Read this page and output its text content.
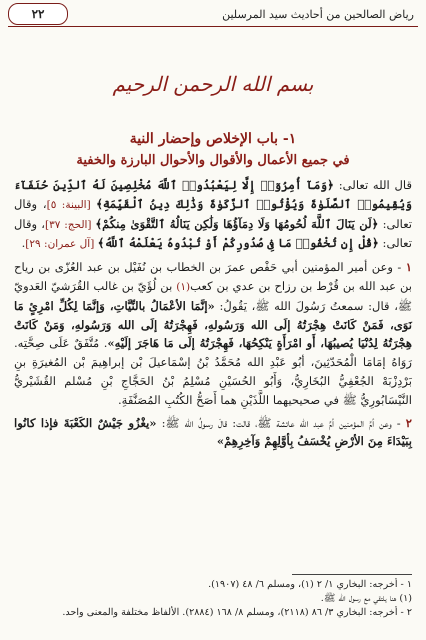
رياض الصالحين من أحاديث سيد المرسلين
٢٢
بسم الله الرحمن الرحيم
١- باب الإخلاص وإحضار النية
في جميع الأعمال والأقوال والأحوال البارزة والخفية

قال الله تعالى: ﴿وَمَآ أُمِرُوٓا۟ إِلَّا لِيَعْبُدُوا۟ ٱللَّهَ مُخْلِصِينَ لَهُ ٱلدِّينَ حُنَفَآءَ وَيُقِيمُوا۟ ٱلصَّلَوٰةَ وَيُؤْتُوا۟ ٱلزَّكَوٰةَ وَذَٰلِكَ دِينُ ٱلْقَيِّمَةِ﴾ [البينة: ٥]، وقال تعالى: ﴿لَن يَنَالَ ٱللَّهَ لُحُومُهَا وَلَا دِمَآؤُهَا وَلَٰكِن يَنَالُهُ ٱلتَّقْوَىٰ مِنكُمْ﴾ [الحج: ٣٧]، وقال تعالى: ﴿قُلْ إِن تُخْفُوا۟ مَا فِى صُدُورِكُمْ أَوْ تُبْدُوهُ يَعْلَمْهُ ٱللَّهُ﴾ [آل عمران: ٢٩].

١ - وعن أمير المؤمنين أبي حَفْص عمرَ بن الخطاب بن نُفَيْل بن عبد العُزّى بن رياح بن عبد الله بن قُرْط بن رزاح بن عدي بن كعب(١) بن لُؤَيّ بن غالب القُرَشيّ العَدويّ ﷺ، قال: سمعتُ رَسُولَ الله ﷺ، يَقُولُ: «إنَّمَا الأعْمَالُ بالنِّيَّاتِ، وَإنَّمَا لِكُلِّ امْرِئٍ مَا نَوَى، فَمَنْ كَانَتْ هِجْرَتُهُ إلَى الله وَرَسُولهِ، فَهِجْرَتُهُ إلَى الله وَرَسُولهِ، وَمَنْ كَانَتْ هِجْرَتُهُ لِدُنْيَا يُصيبُهَا، أَو امْرَأَةٍ يَنْكِحُهَا، فَهِجْرَتُهُ إلَى مَا هَاجَرَ إلَيْهِ». مُتَّفَقٌ عَلَى صِحَّتِه. رَوَاهُ إمَامَا الْمُحَدّثِينَ، أبُو عَبْدِ الله مُحَمَّدُ بْنُ إسْمَاعيلَ بْن إبراهِيمَ بْن المُغيرَةِ بنِ بَرْدِزْبَهْ الجُعْفِيُّ البُخَارِيُّ، وَأَبُو الحُسَيْنِ مُسْلِمُ بْنُ الحَجَّاجِ بْنِ مُسْلم القُشَيْريُّ النَّيْسَابُورِيُّ ﷺ في صحيحيهما اللَّذَيْنِ هما أَصَحُّ الكُتُبِ المُصَنَّفَةِ.

٢ - وعن أمِّ المؤمنين أمِّ عبد الله عائشة ﷺ، قالت: قالَ رسولُ الله ﷺ: «يغْزُو جَيْشٌ الكَعْبَةَ فإذا كانُوا بِبَيْدَاءَ مِنَ الأرْضِ يُخْسَفُ بِأوَّلِهِمْ وَآخِرِهِمْ»

١ - أخرجه: البخاري ١/ ٢ (١)، ومسلم ٦/ ٤٨ (١٩٠٧).
(١) هنا يلتقي مع رسول الله ﷺ.
٢ - أخرجه: البخاري ٣/ ٨٦ (٢١١٨)، ومسلم ٨/ ١٦٨ (٢٨٨٤). الألفاظ مختلفة والمعنى واحد.
